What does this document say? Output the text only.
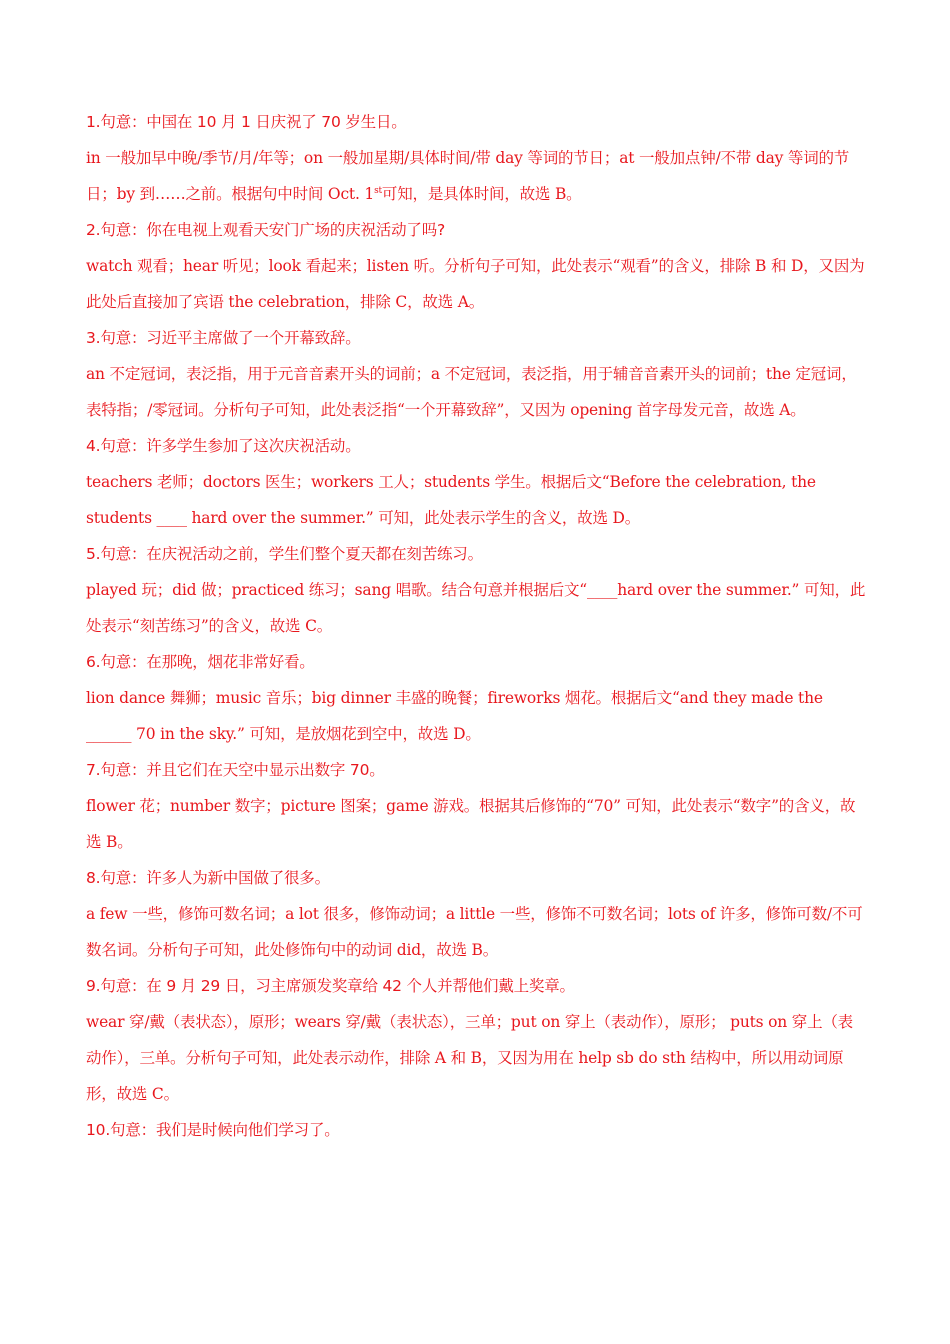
1.句意：中国在 10 月 1 日庆祝了 70 岁生日。

in 一般加早中晚/季节/月/年等；on 一般加星期/具体时间/带 day 等词的节日；at 一般加点钟/不带 day 等词的节日；by 到……之前。根据句中时间 Oct. 1st可知，是具体时间，故选 B。

2.句意：你在电视上观看天安门广场的庆祝活动了吗?

watch 观看；hear 听见；look 看起来；listen 听。分析句子可知，此处表示“观看”的含义，排除 B 和 D，又因为此处后直接加了宾语 the celebration，排除 C，故选 A。

3.句意：习近平主席做了一个开幕致辞。

an 不定冠词，表泛指，用于元音音素开头的词前；a 不定冠词，表泛指，用于辅音音素开头的词前；the 定冠词，表特指；/零冠词。分析句子可知，此处表泛指“一个开幕致辞”，又因为 opening 首字母发元音，故选 A。

4.句意：许多学生参加了这次庆祝活动。

teachers 老师；doctors 医生；workers 工人；students 学生。根据后文“Before the celebration, the students ____ hard over the summer.” 可知，此处表示学生的含义，故选 D。

5.句意：在庆祝活动之前，学生们整个夏天都在刻苦练习。

played 玩；did 做；practiced 练习；sang 唱歌。结合句意并根据后文“____hard over the summer.” 可知，此处表示“刻苦练习”的含义，故选 C。

6.句意：在那晚，烟花非常好看。

lion dance 舞狮；music 音乐；big dinner 丰盛的晚餐；fireworks 烟花。根据后文“and they made the ______ 70 in the sky.” 可知，是放烟花到空中，故选 D。

7.句意：并且它们在天空中显示出数字 70。

flower 花；number 数字；picture 图案；game 游戏。根据其后修饰的“70” 可知，此处表示“数字”的含义，故选 B。

8.句意：许多人为新中国做了很多。

a few 一些，修饰可数名词；a lot 很多，修饰动词；a little 一些，修饰不可数名词；lots of 许多，修饰可数/不可数名词。分析句子可知，此处修饰句中的动词 did，故选 B。

9.句意：在 9 月 29 日，习主席颁发奖章给 42 个人并帮他们戴上奖章。

wear 穿/戴（表状态），原形；wears 穿/戴（表状态），三单；put on 穿上（表动作），原形； puts on 穿上（表动作），三单。分析句子可知，此处表示动作，排除 A 和 B，又因为用在 help sb do sth 结构中，所以用动词原形，故选 C。

10.句意：我们是时候向他们学习了。
